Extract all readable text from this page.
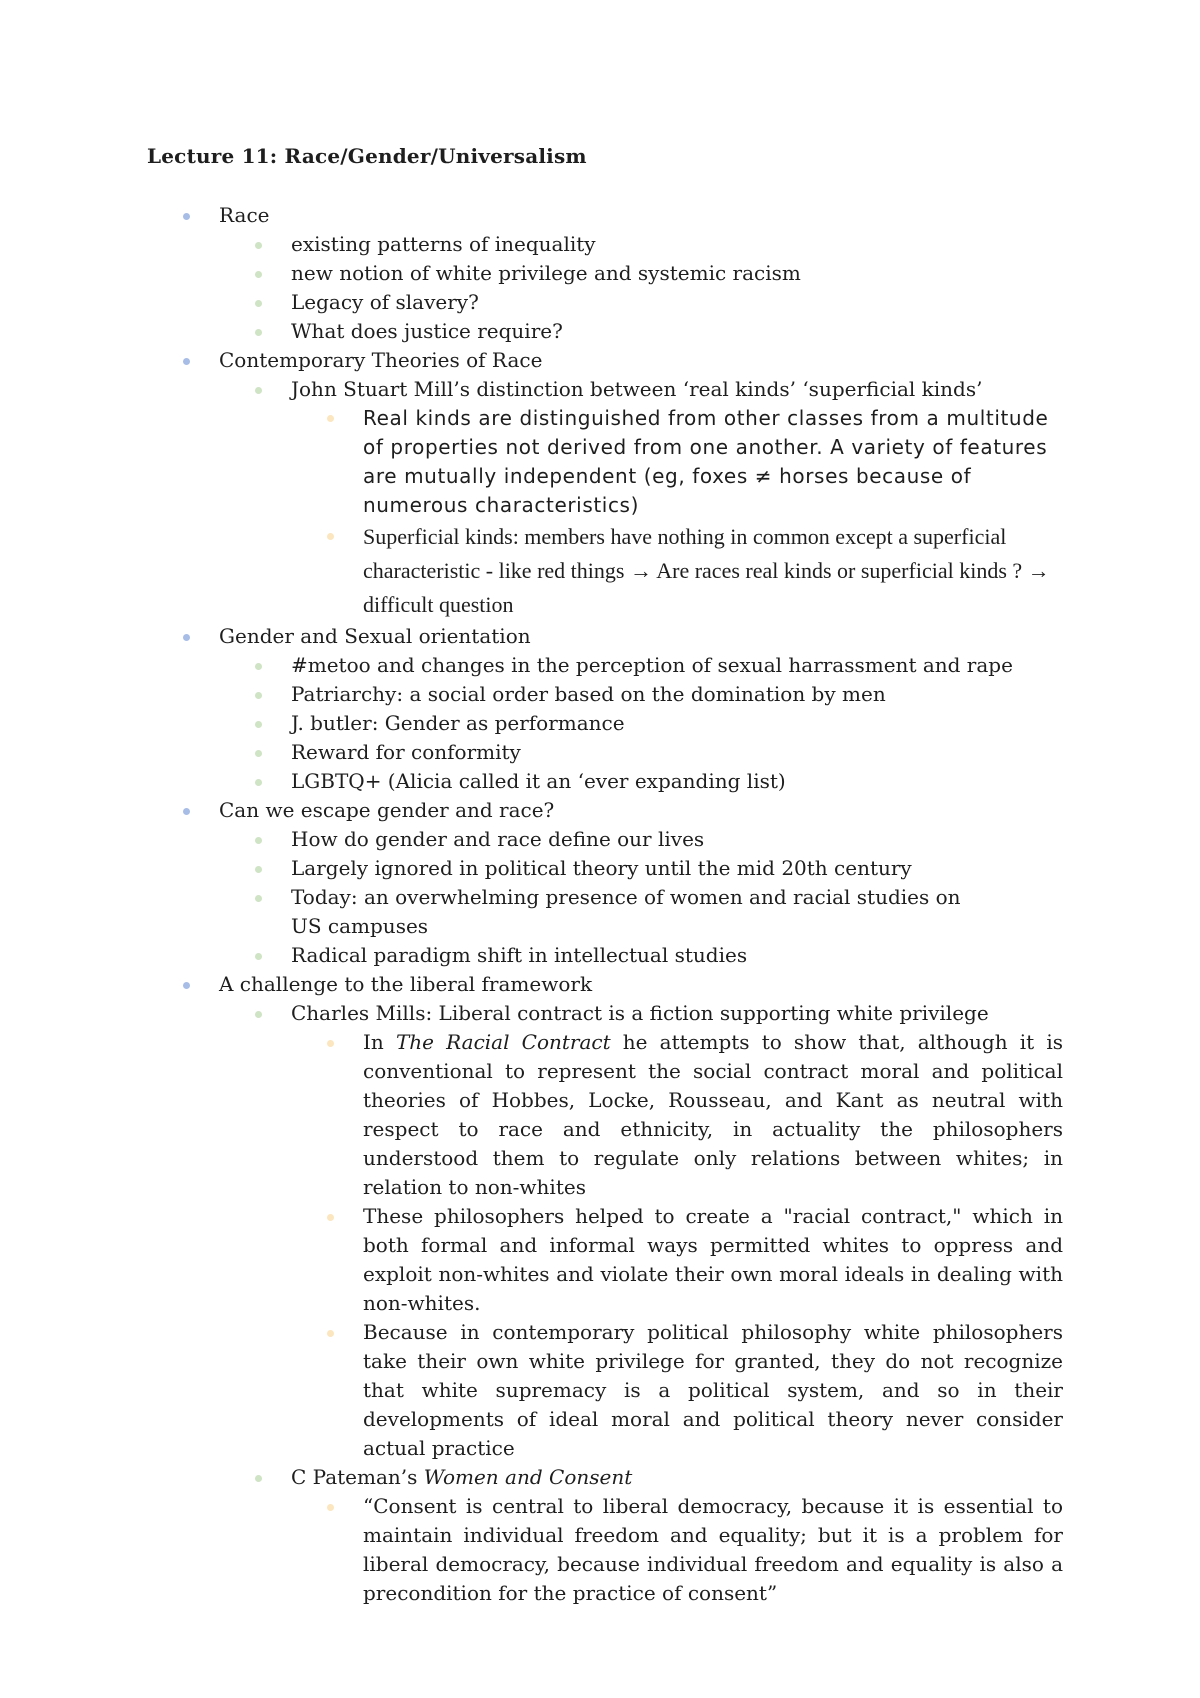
Lecture 11: Race/Gender/Universalism
Race
existing patterns of inequality
new notion of white privilege and systemic racism
Legacy of slavery?
What does justice require?
Contemporary Theories of Race
John Stuart Mill’s distinction between ‘real kinds’ ‘superficial kinds’
Real kinds are distinguished from other classes from a multitude of properties not derived from one another. A variety of features are mutually independent (eg, foxes ≠ horses because of numerous characteristics)
Superficial kinds: members have nothing in common except a superficial characteristic - like red things → Are races real kinds or superficial kinds ? → difficult question
Gender and Sexual orientation
#metoo and changes in the perception of sexual harrassment and rape
Patriarchy: a social order based on the domination by men
J. butler: Gender as performance
Reward for conformity
LGBTQ+ (Alicia called it an ‘ever expanding list)
Can we escape gender and race?
How do gender and race define our lives
Largely ignored in political theory until the mid 20th century
Today: an overwhelming presence of women and racial studies on US campuses
Radical paradigm shift in intellectual studies
A challenge to the liberal framework
Charles Mills: Liberal contract is a fiction supporting white privilege
In The Racial Contract he attempts to show that, although it is conventional to represent the social contract moral and political theories of Hobbes, Locke, Rousseau, and Kant as neutral with respect to race and ethnicity, in actuality the philosophers understood them to regulate only relations between whites; in relation to non-whites
These philosophers helped to create a "racial contract," which in both formal and informal ways permitted whites to oppress and exploit non-whites and violate their own moral ideals in dealing with non-whites.
Because in contemporary political philosophy white philosophers take their own white privilege for granted, they do not recognize that white supremacy is a political system, and so in their developments of ideal moral and political theory never consider actual practice
C Pateman’s Women and Consent
“Consent is central to liberal democracy, because it is essential to maintain individual freedom and equality; but it is a problem for liberal democracy, because individual freedom and equality is also a precondition for the practice of consent”
